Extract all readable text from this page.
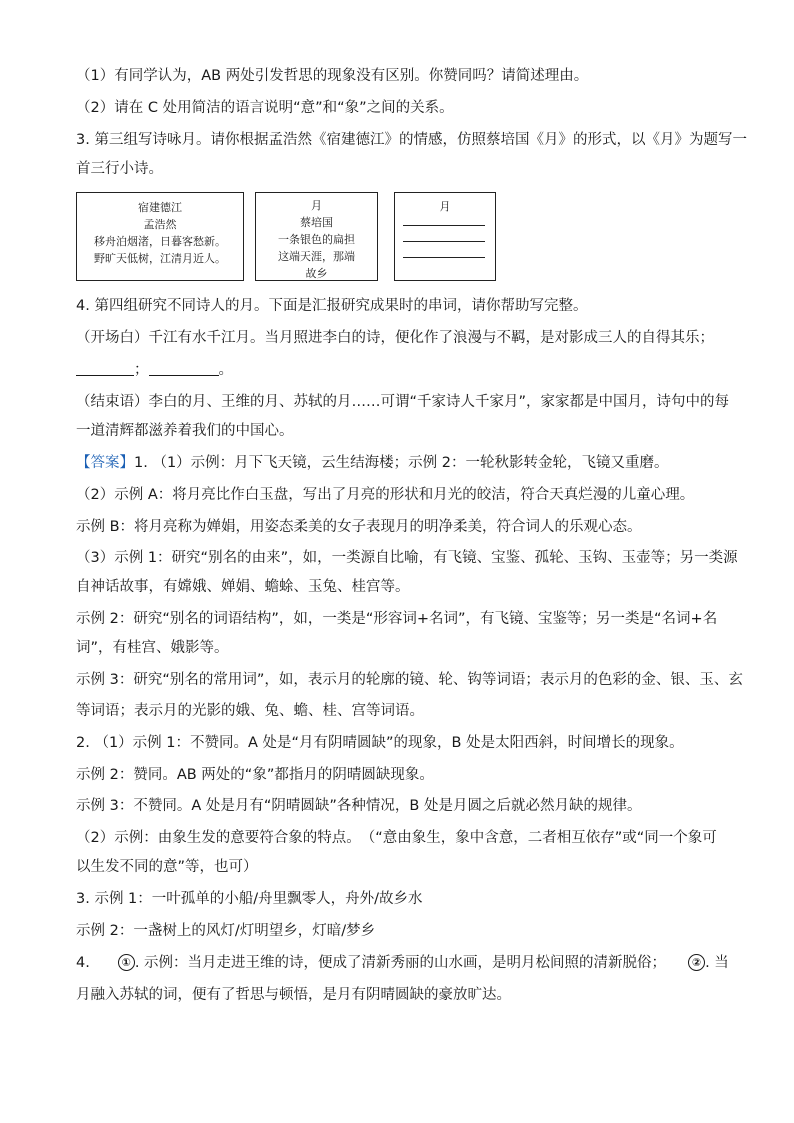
（1）有同学认为，AB 两处引发哲思的现象没有区别。你赞同吗？请简述理由。
（2）请在 C 处用简洁的语言说明“意”和“象”之间的关系。
3. 第三组写诗咏月。请你根据孟浩然《宿建德江》的情感，仿照蔡培国《月》的形式，以《月》为题写一
首三行小诗。
宿建德江
孟浩然
移舟泊烟渚，日暮客愁新。
野旷天低树，江清月近人。
月
蔡培国
一条银色的扁担
这端天涯，那端
故乡
月
4. 第四组研究不同诗人的月。下面是汇报研究成果时的串词，请你帮助写完整。
（开场白）千江有水千江月。当月照进李白的诗，便化作了浪漫与不羁，是对影成三人的自得其乐；
；	。
（结束语）李白的月、王维的月、苏轼的月……可谓“千家诗人千家月”，家家都是中国月，诗句中的每
一道清辉都滋养着我们的中国心。
【答案】1. （1）示例：月下飞天镜，云生结海楼；示例 2：一轮秋影转金轮，飞镜又重磨。
（2）示例 A：将月亮比作白玉盘，写出了月亮的形状和月光的皎洁，符合天真烂漫的儿童心理。
示例 B：将月亮称为婵娟，用姿态柔美的女子表现月的明净柔美，符合词人的乐观心态。
（3）示例 1：研究“别名的由来”，如，一类源自比喻，有飞镜、宝鉴、孤轮、玉钩、玉壶等；另一类源
自神话故事，有嫦娥、婵娟、蟾蜍、玉兔、桂宫等。
示例 2：研究“别名的词语结构”，如，一类是“形容词+名词”，有飞镜、宝鉴等；另一类是“名词+名
词”，有桂宫、娥影等。
示例 3：研究“别名的常用词”，如，表示月的轮廓的镜、轮、钩等词语；表示月的色彩的金、银、玉、玄
等词语；表示月的光影的娥、兔、蟾、桂、宫等词语。
2. （1）示例 1：不赞同。A 处是“月有阴晴圆缺”的现象，B 处是太阳西斜，时间增长的现象。
示例 2：赞同。AB 两处的“象”都指月的阴晴圆缺现象。
示例 3：不赞同。A 处是月有“阴晴圆缺”各种情况，B 处是月圆之后就必然月缺的规律。
（2）示例：由象生发的意要符合象的特点。　（“意由象生，象中含意，二者相互依存”或“同一个象可
以生发不同的意”等，也可）
3. 示例 1：一叶孤单的小船/舟里飘零人，舟外/故乡水
示例 2：一盏树上的风灯/灯明望乡，灯暗/梦乡
4.	① . 示例：当月走进王维的诗，便成了清新秀丽的山水画，是明月松间照的清新脱俗； ② . 当
月融入苏轼的词，便有了哲思与顿悟，是月有阴晴圆缺的豪放旷达。
